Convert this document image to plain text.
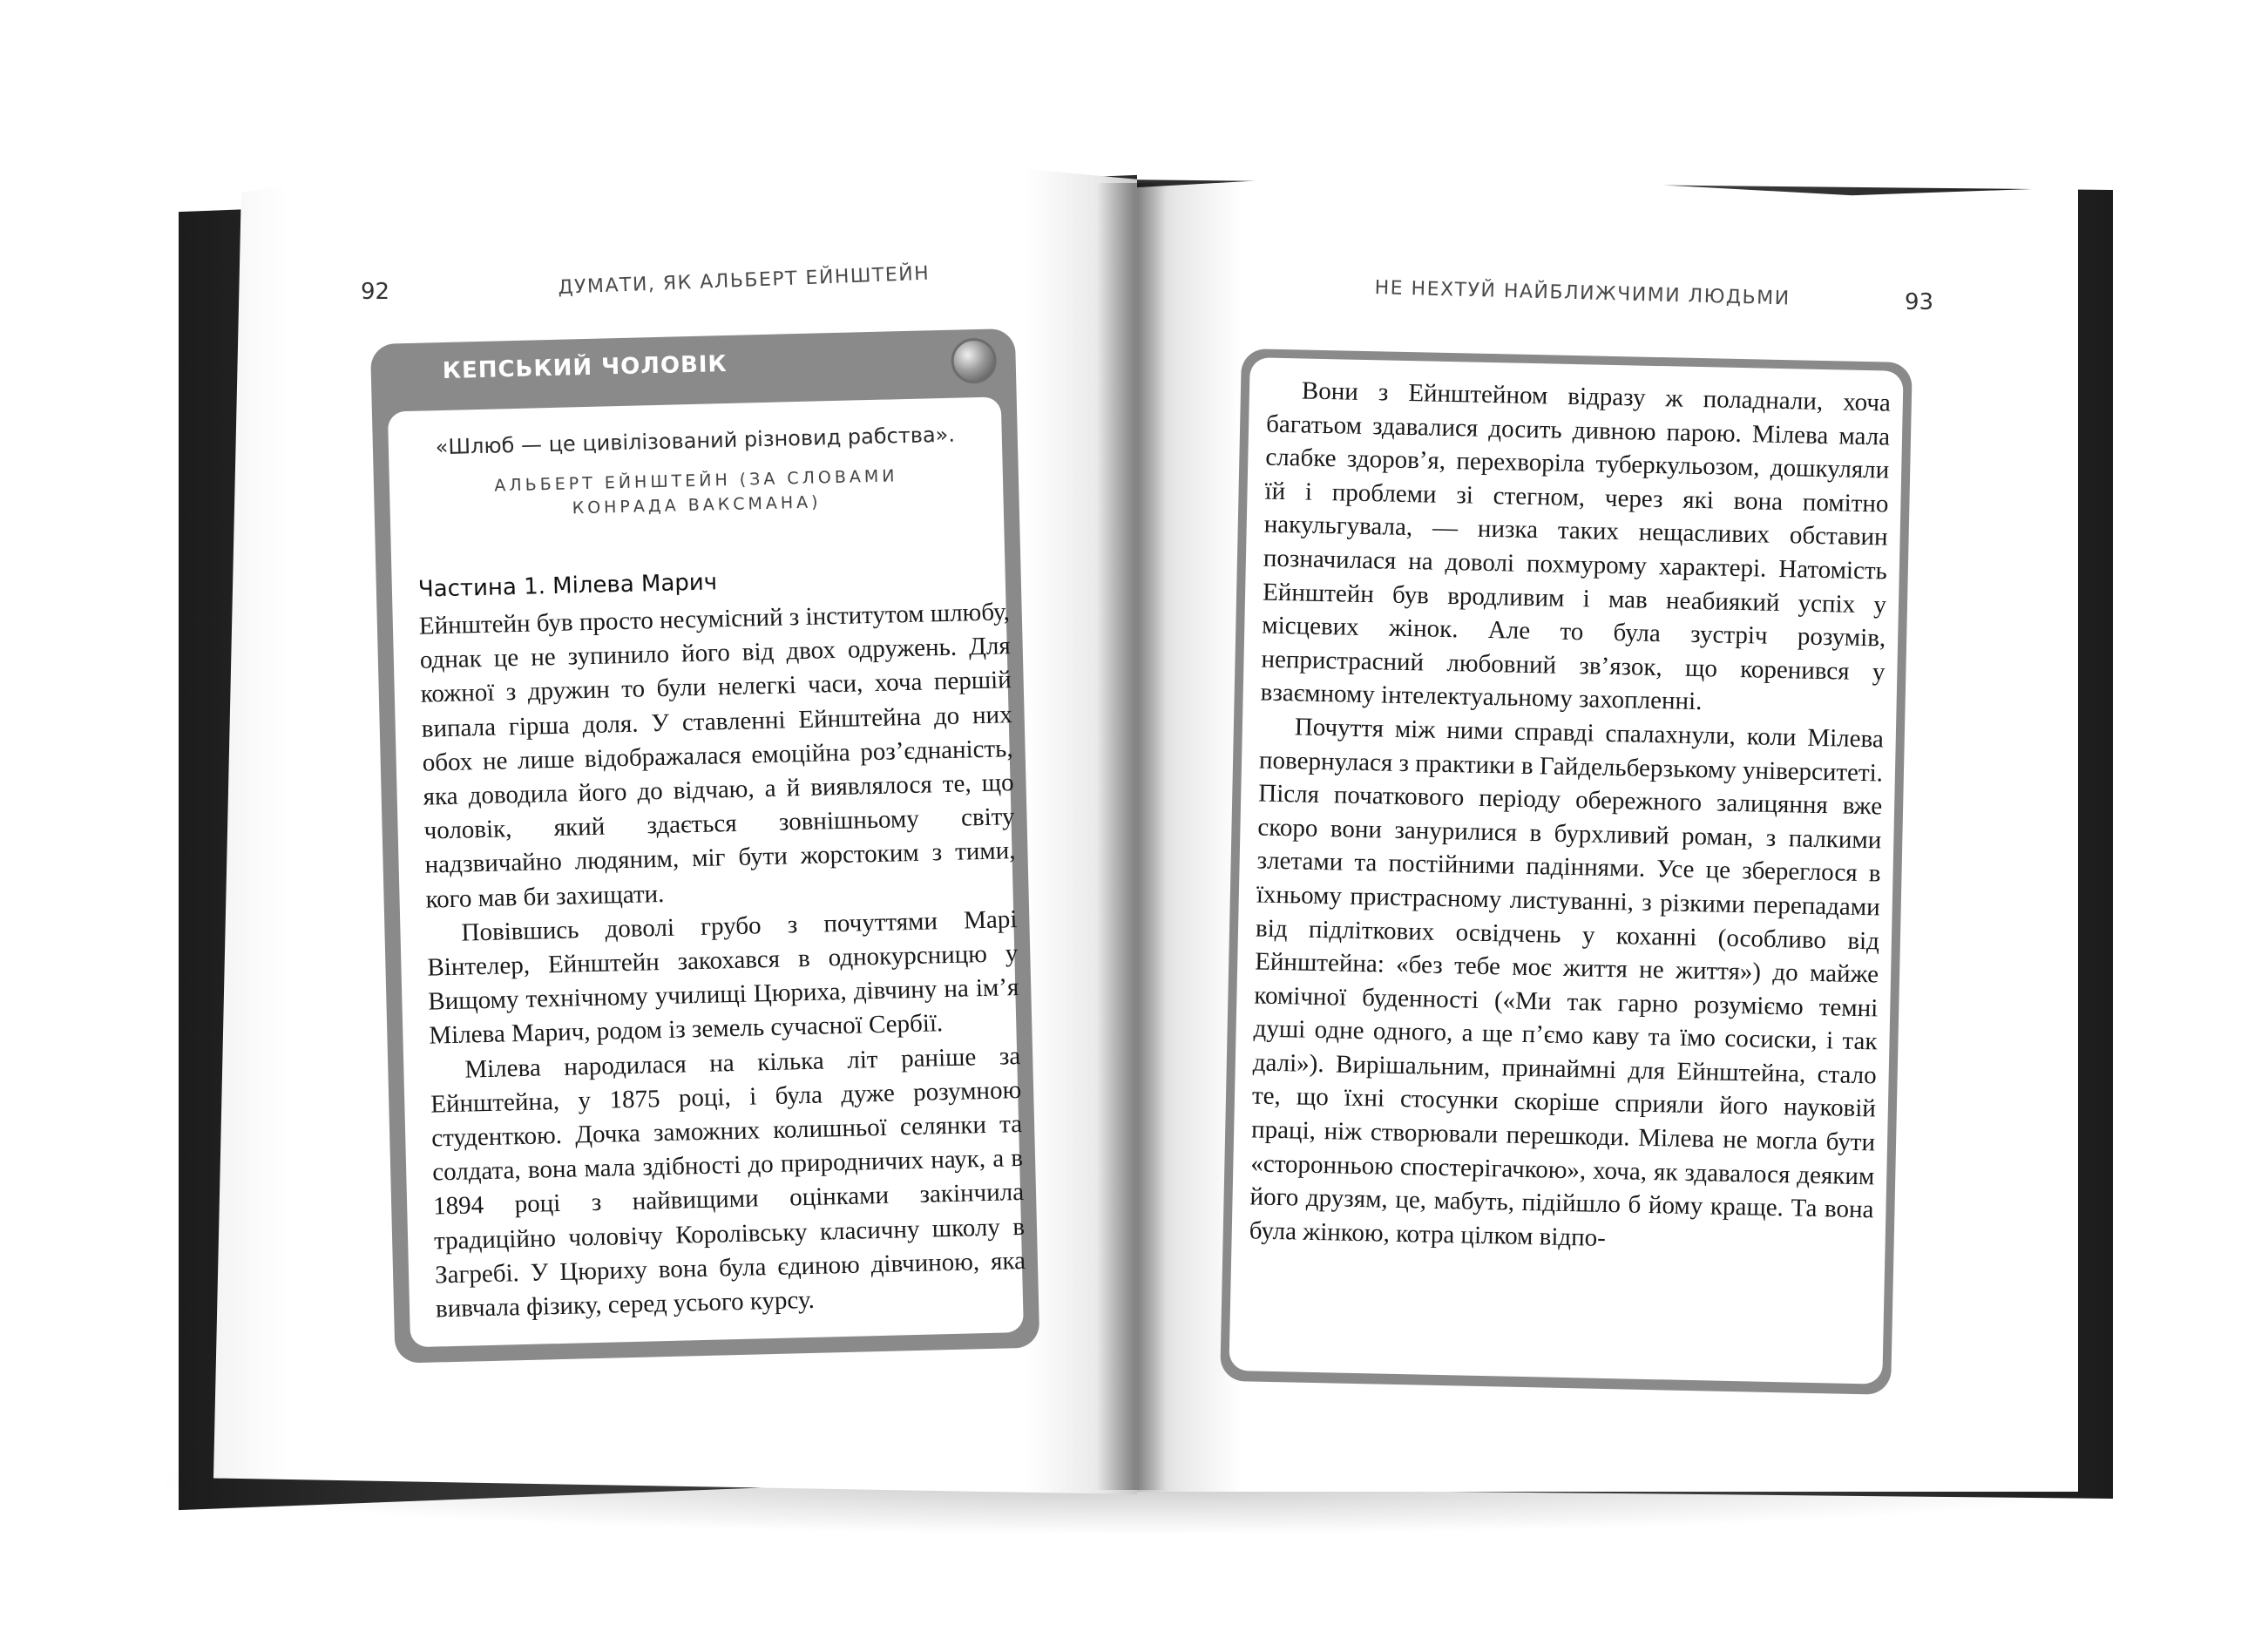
92	ДУМАТИ, ЯК АЛЬБЕРТ ЕЙНШТЕЙН	НЕ НЕХТУЙ НАЙБЛИЖЧИМИ ЛЮДЬМИ	93
КЕПСЬКИЙ ЧОЛОВІК
«Шлюб — це цивілізований різновид рабства».
АЛЬБЕРТ ЕЙНШТЕЙН (ЗА СЛОВАМИ
КОНРАДА ВАКСМАНА)
Частина 1. Мілева Марич

Ейнштейн був просто несумісний з інститутом шлюбу, однак це не зупинило його від двох одружень. Для кожної з дружин то були нелегкі часи, хоча першій випала гірша доля. У ставленні Ейнштейна до них обох не лише відображалася емоційна роз’єднаність, яка доводила його до відчаю, а й виявлялося те, що чоловік, який здається зовнішньому світу надзвичайно людяним, міг бути жорстоким з тими, кого мав би захищати.

Повівшись доволі грубо з почуттями Марі Вінтелер, Ейнштейн закохався в однокурсницю у Вищому технічному училищі Цюриха, дівчину на ім’я Мілева Марич, родом із земель сучасної Сербії.

Мілева народилася на кілька літ раніше за Ейнштейна, у 1875 році, і була дуже розумною студенткою. Дочка заможних колишньої селянки та солдата, вона мала здібності до природничих наук, а в 1894 році з найвищими оцінками закінчила традиційно чоловічу Королівську класичну школу в Загребі. У Цюриху вона була єдиною дівчиною, яка вивчала фізику, серед усього курсу.

Вони з Ейнштейном відразу ж поладнали, хоча багатьом здавалися досить дивною парою. Мілева мала слабке здоров’я, перехворіла туберкульозом, дошкуляли їй і проблеми зі стегном, через які вона помітно накульгувала, — низка таких нещасливих обставин позначилася на доволі похмурому характері. Натомість Ейнштейн був вродливим і мав неабиякий успіх у місцевих жінок. Але то була зустріч розумів, непристрасний любовний зв’язок, що коренився у взаємному інтелектуальному захопленні.

Почуття між ними справді спалахнули, коли Мілева повернулася з практики в Гайдельберзькому університеті. Після початкового періоду обережного залицяння вже скоро вони занурилися в бурхливий роман, з палкими злетами та постійними падіннями. Усе це збереглося в їхньому пристрасному листуванні, з різкими перепадами від підліткових освідчень у коханні (особливо від Ейнштейна: «без тебе моє життя не життя») до майже комічної буденності («Ми так гарно розуміємо темні душі одне одного, а ще п’ємо каву та їмо сосиски, і так далі»). Вирішальним, принаймні для Ейнштейна, стало те, що їхні стосунки скоріше сприяли його науковій праці, ніж створювали перешкоди. Мілева не могла бути «сторонньою спостерігачкою», хоча, як здавалося деяким його друзям, це, мабуть, підійшло б йому краще. Та вона була жінкою, котра цілком відпо-
